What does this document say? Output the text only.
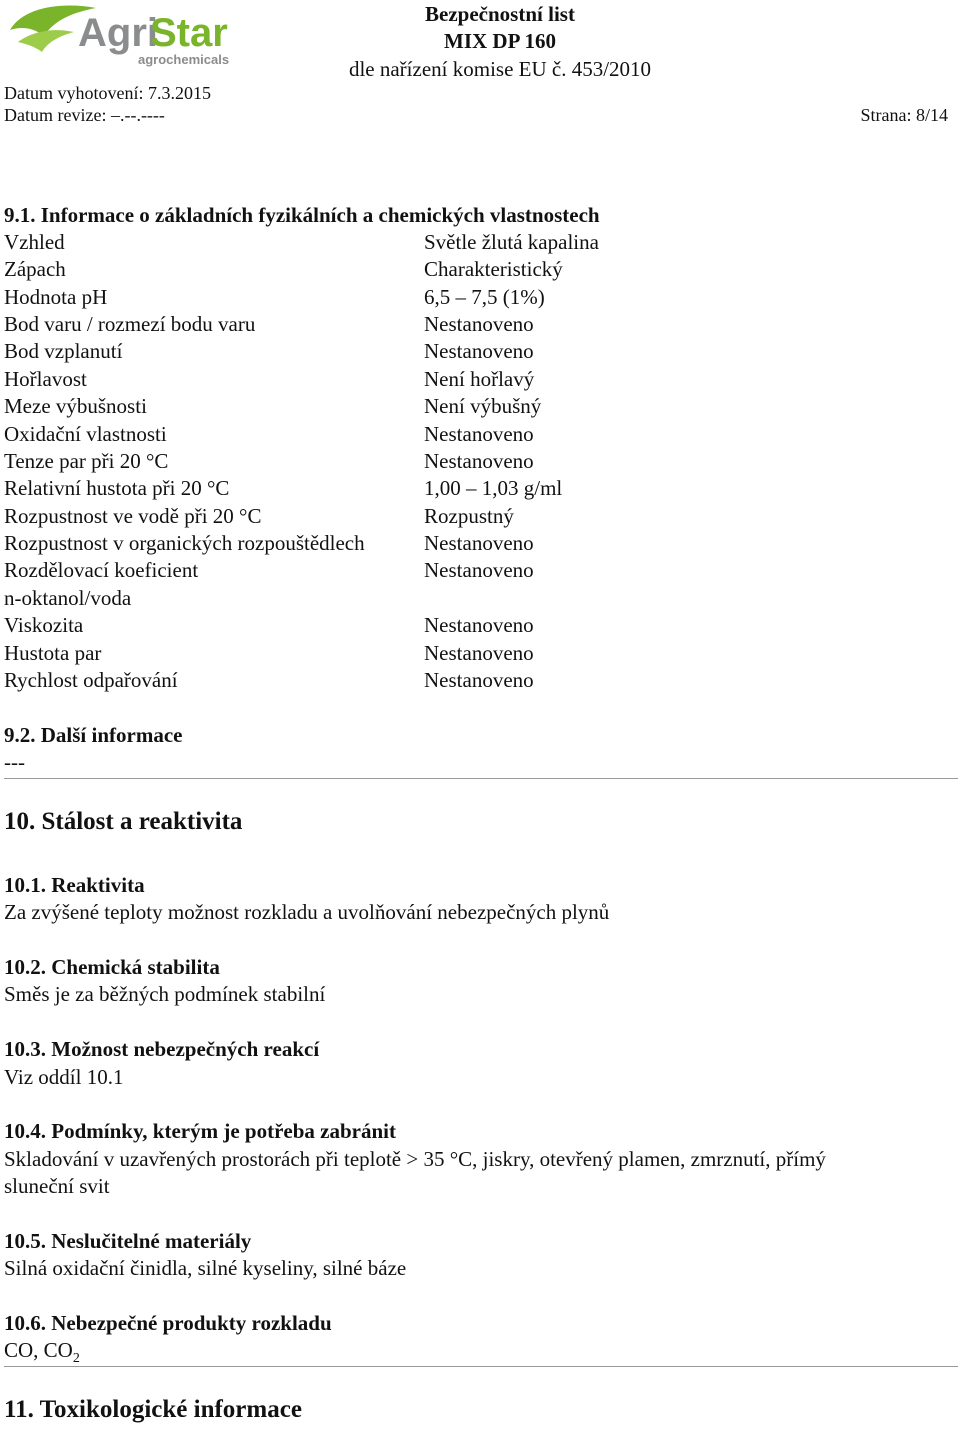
Agri
Star
agrochemicals
Bezpečnostní list
MIX DP 160
dle nařízení komise EU č. 453/2010
Datum vyhotovení: 7.3.2015
Datum revize: –.--.----	Strana: 8/14
9.1. Informace o základních fyzikálních a chemických vlastnostech
Vzhled	Světle žlutá kapalina
Zápach	Charakteristický
Hodnota pH	6,5 – 7,5 (1%)
Bod varu / rozmezí bodu varu	Nestanoveno
Bod vzplanutí	Nestanoveno
Hořlavost	Není hořlavý
Meze výbušnosti	Není výbušný
Oxidační vlastnosti	Nestanoveno
Tenze par při 20 °C	Nestanoveno
Relativní hustota při 20 °C	1,00 – 1,03 g/ml
Rozpustnost ve vodě při 20 °C	Rozpustný
Rozpustnost v organických rozpouštědlech	Nestanoveno
Rozdělovací koeficient	Nestanoveno
n-oktanol/voda
Viskozita	Nestanoveno
Hustota par	Nestanoveno
Rychlost odpařování	Nestanoveno
9.2. Další informace
---
10. Stálost a reaktivita
10.1. Reaktivita
Za zvýšené teploty možnost rozkladu a uvolňování nebezpečných plynů
10.2. Chemická stabilita
Směs je za běžných podmínek stabilní
10.3. Možnost nebezpečných reakcí
Viz oddíl 10.1
10.4. Podmínky, kterým je potřeba zabránit
Skladování v uzavřených prostorách při teplotě > 35 °C, jiskry, otevřený plamen, zmrznutí, přímý
sluneční svit
10.5. Neslučitelné materiály
Silná oxidační činidla, silné kyseliny, silné báze
10.6. Nebezpečné produkty rozkladu
CO, $CO_2$
11. Toxikologické informace
